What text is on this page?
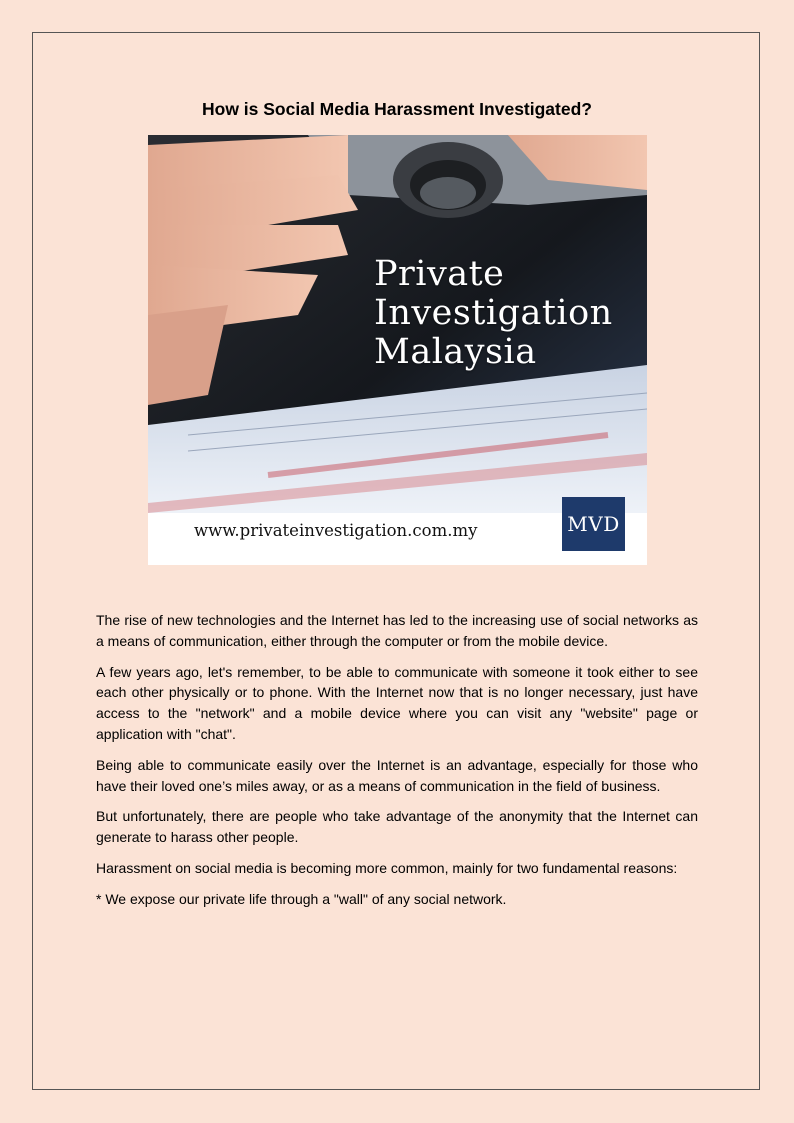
How is Social Media Harassment Investigated?
Private
Investigation
Malaysia
www.privateinvestigation.com.my	MVD

The rise of new technologies and the Internet has led to the increasing use of social networks as a means of communication, either through the computer or from the mobile device.

A few years ago, let's remember, to be able to communicate with someone it took either to see each other physically or to phone. With the Internet now that is no longer necessary, just have access to the "network" and a mobile device where you can visit any "website" page or application with "chat".

Being able to communicate easily over the Internet is an advantage, especially for those who have their loved one’s miles away, or as a means of communication in the field of business.

But unfortunately, there are people who take advantage of the anonymity that the Internet can generate to harass other people.

Harassment on social media is becoming more common, mainly for two fundamental reasons:

* We expose our private life through a "wall" of any social network.
